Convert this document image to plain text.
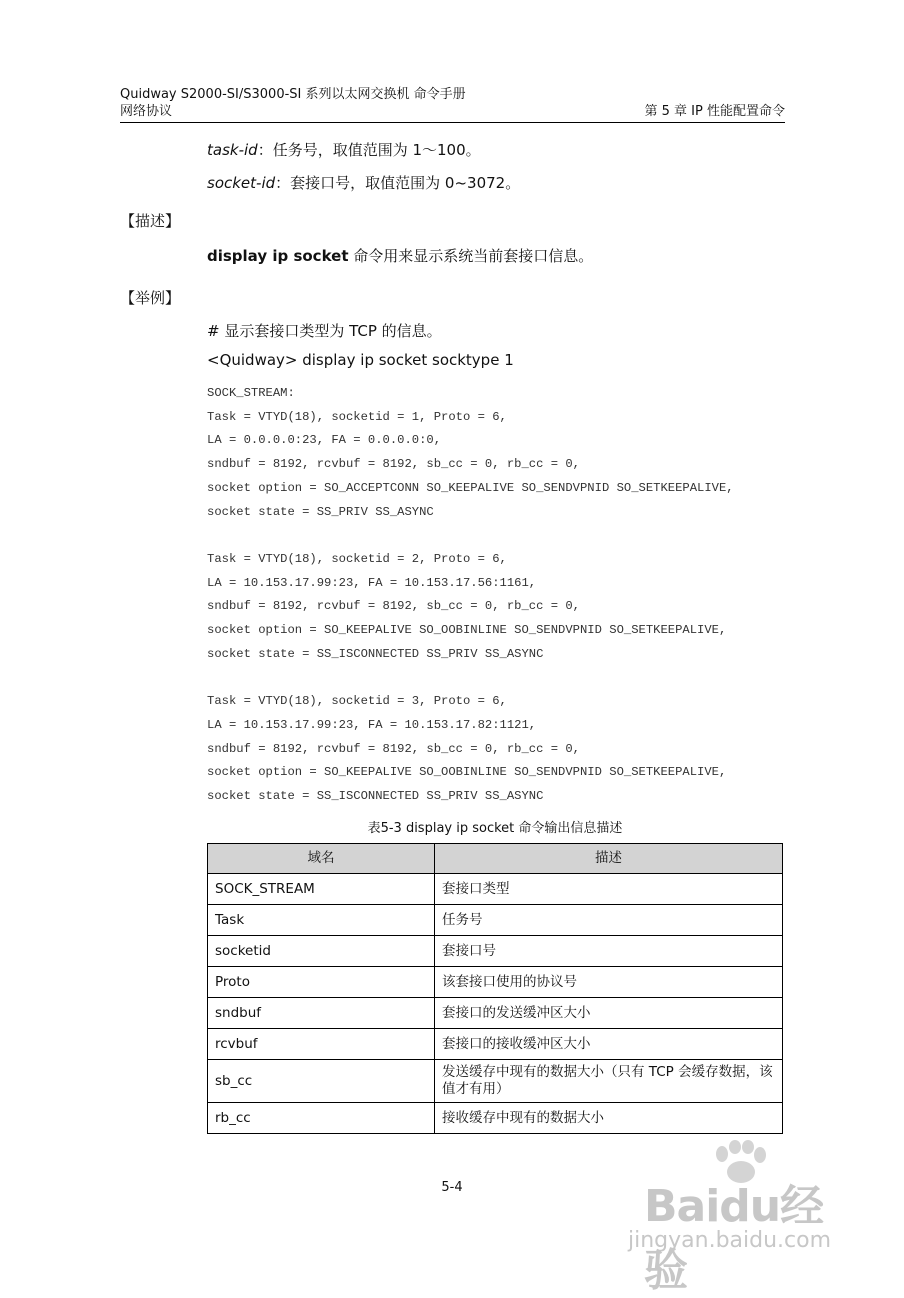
Quidway S2000-SI/S3000-SI 系列以太网交换机 命令手册
网络协议	第 5 章 IP 性能配置命令
task-id：任务号，取值范围为 1～100。
socket-id：套接口号，取值范围为 0~3072。
【描述】
display ip socket 命令用来显示系统当前套接口信息。
【举例】
# 显示套接口类型为 TCP 的信息。
<Quidway> display ip socket socktype 1
SOCK_STREAM:
Task = VTYD(18), socketid = 1, Proto = 6,
LA = 0.0.0.0:23, FA = 0.0.0.0:0,
sndbuf = 8192, rcvbuf = 8192, sb_cc = 0, rb_cc = 0,
socket option = SO_ACCEPTCONN SO_KEEPALIVE SO_SENDVPNID SO_SETKEEPALIVE,
socket state = SS_PRIV SS_ASYNC
Task = VTYD(18), socketid = 2, Proto = 6,
LA = 10.153.17.99:23, FA = 10.153.17.56:1161,
sndbuf = 8192, rcvbuf = 8192, sb_cc = 0, rb_cc = 0,
socket option = SO_KEEPALIVE SO_OOBINLINE SO_SENDVPNID SO_SETKEEPALIVE,
socket state = SS_ISCONNECTED SS_PRIV SS_ASYNC
Task = VTYD(18), socketid = 3, Proto = 6,
LA = 10.153.17.99:23, FA = 10.153.17.82:1121,
sndbuf = 8192, rcvbuf = 8192, sb_cc = 0, rb_cc = 0,
socket option = SO_KEEPALIVE SO_OOBINLINE SO_SENDVPNID SO_SETKEEPALIVE,
socket state = SS_ISCONNECTED SS_PRIV SS_ASYNC
表5-3 display ip socket 命令输出信息描述
域名	描述
SOCK_STREAM	套接口类型
Task	任务号
socketid	套接口号
Proto	该套接口使用的协议号
sndbuf	套接口的发送缓冲区大小
rcvbuf	套接口的接收缓冲区大小
sb_cc	发送缓存中现有的数据大小（只有 TCP 会缓存数据，该值才有用）
rb_cc	接收缓存中现有的数据大小
5-4	Baidu经验
jingyan.baidu.com
